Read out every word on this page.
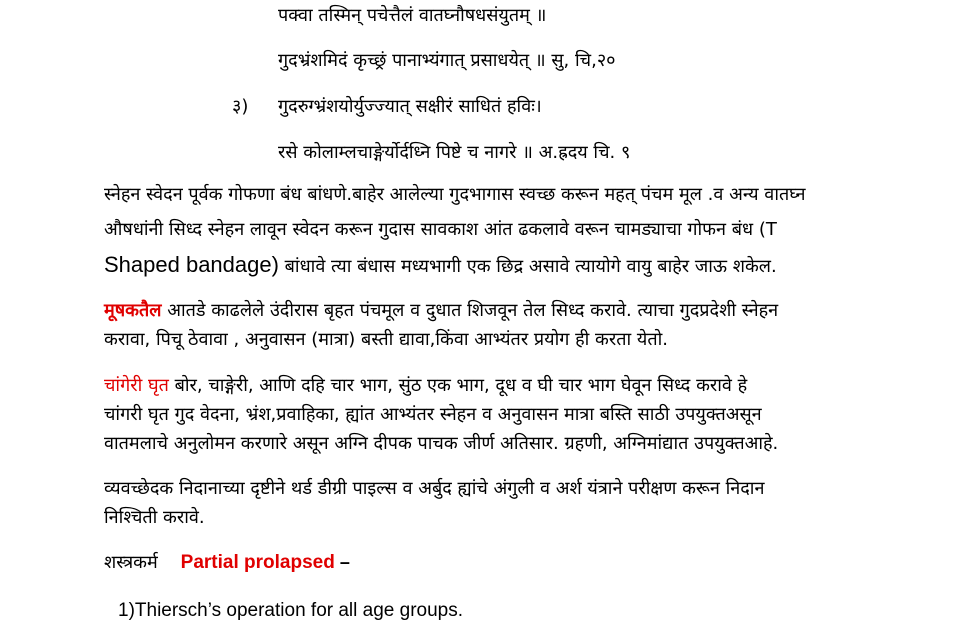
पक्वा तस्मिन् पचेत्तैलं वातघ्नौषधसंयुतम् ॥
गुदभ्रंशमिदं कृच्छ्रं पानाभ्यंगात् प्रसाधयेत् ॥ सु, चि,२०
३) गुदरुग्भ्रंशयोर्युज्ज्यात् सक्षीरं साधितं हविः।
रसे कोलाम्लचाङ्गेर्योर्दध्नि पिष्टे च नागरे ॥ अ.ह्रदय चि. ९
स्नेहन स्वेदन पूर्वक गोफणा बंध बांधणे.बाहेर आलेल्या गुदभागास स्वच्छ करून महत् पंचम मूल .व अन्य वातघ्न
औषधांनी सिध्द स्नेहन लावून स्वेदन करून गुदास सावकाश आंत ढकलावे वरून चामड्याचा गोफन बंध (T
Shaped bandage) बांधावे त्या बंधास मध्यभागी एक छिद्र असावे त्यायोगे वायु बाहेर जाऊ शकेल.
मूषकतैल आतडे काढलेले उंदीरास बृहत पंचमूल व दुधात शिजवून तेल सिध्द करावे. त्याचा गुदप्रदेशी स्नेहन
करावा, पिचू ठेवावा , अनुवासन (मात्रा) बस्ती द्यावा,किंवा आभ्यंतर प्रयोग ही करता येतो.
चांगेरी घृत बोर, चाङ्गेरी, आणि दहि चार भाग, सुंठ एक भाग, दूध व घी चार भाग घेवून सिध्द करावे हे
चांगरी घृत गुद वेदना, भ्रंश,प्रवाहिका, ह्यांत आभ्यंतर स्नेहन व अनुवासन मात्रा बस्ति साठी उपयुक्तअसून
वातमलाचे अनुलोमन करणारे असून अग्नि दीपक पाचक जीर्ण अतिसार. ग्रहणी, अग्निमांद्यात उपयुक्तआहे.
व्यवच्छेदक निदानाच्या दृष्टीने थर्ड डीग्री पाइल्स व अर्बुद ह्यांचे अंगुली व अर्श यंत्राने परीक्षण करून निदान
निश्चिती करावे.
शस्त्रकर्म Partial prolapsed –
1)Thiersch’s operation for all age groups.
